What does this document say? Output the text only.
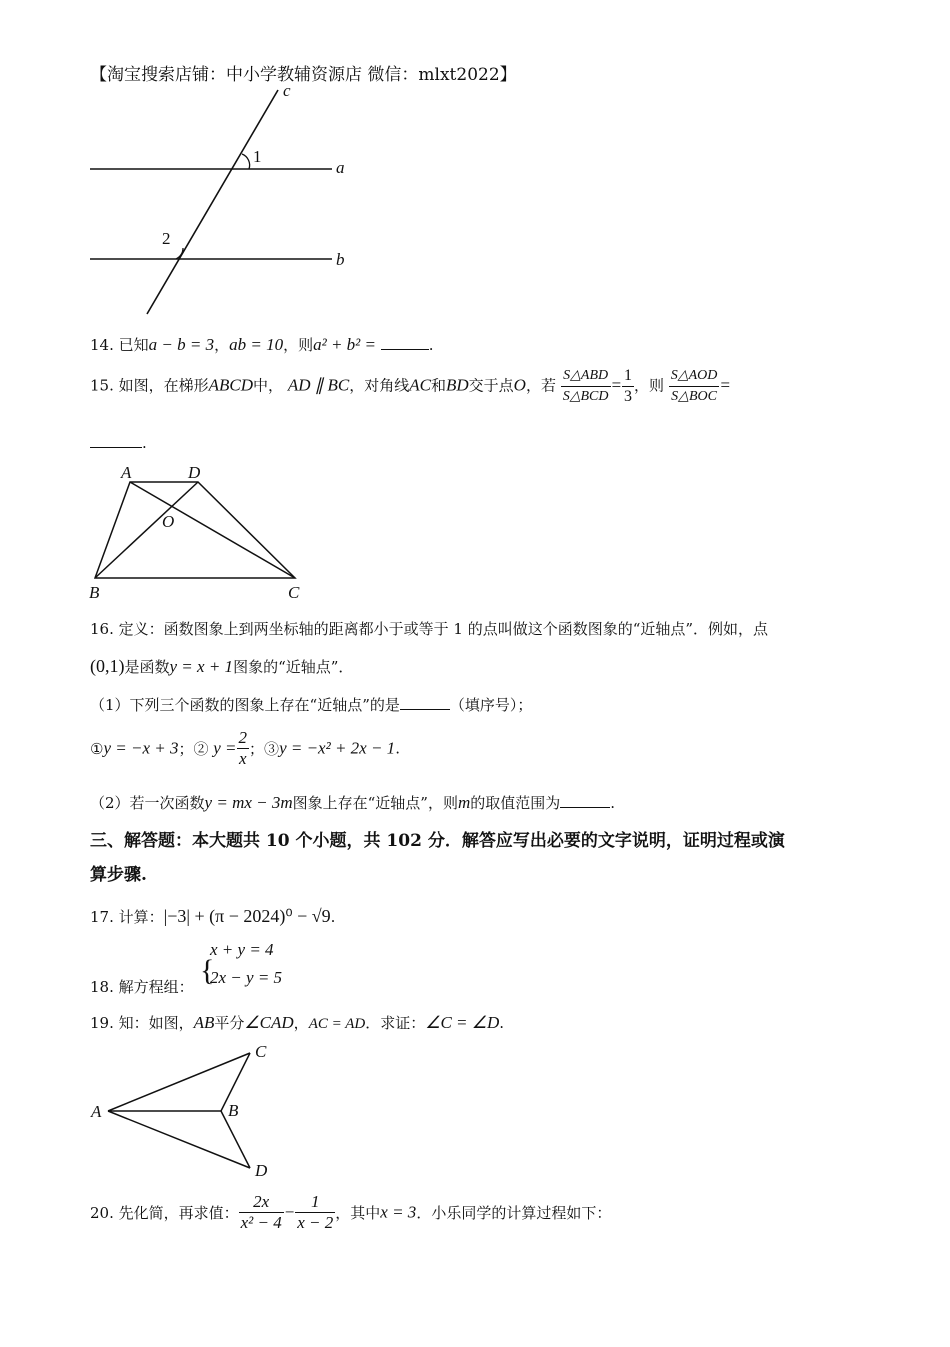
【淘宝搜索店铺：中小学教辅资源店 微信：mlxt2022】
c
a
b
1
2
14. 已知a − b = 3，ab = 10，则a² + b² =	.
15. 如图，在梯形ABCD中， AD ∥ BC，对角线AC和BD交于点O，若 $\frac{\text{S△ABD}}{\text{S△BCD}} = \frac{1}{3}$ ，则 $\frac{\text{S△AOD}}{\text{S△BOC}}$ =
.
A	D
O
B	C
16. 定义：函数图象上到两坐标轴的距离都小于或等于 1 的点叫做这个函数图象的“近轴点”．例如，点
(0,1)是函数y = x + 1图象的“近轴点”．
（1）下列三个函数的图象上存在“近轴点”的是	（填序号）；
①y = −x + 3；② $y = \frac{2}{x}$ ；③y = −x² + 2x − 1.
（2）若一次函数y = mx − 3m图象上存在“近轴点”，则m的取值范围为	.
三、解答题：本大题共 10 个小题，共 102 分．解答应写出必要的文字说明，证明过程或演
算步骤.
17. 计算：|−3| + (π − 2024)⁰ − √9.
18. 解方程组： {
x + y = 4
2x − y = 5
19. 知：如图，AB平分∠CAD，AC = AD．求证：∠C = ∠D.
A	B
C
D
20. 先化简，再求值： $\frac{2x}{\text{x² − 4}} - \frac{1}{x - 2}$ ，其中x = 3．小乐同学的计算过程如下：
